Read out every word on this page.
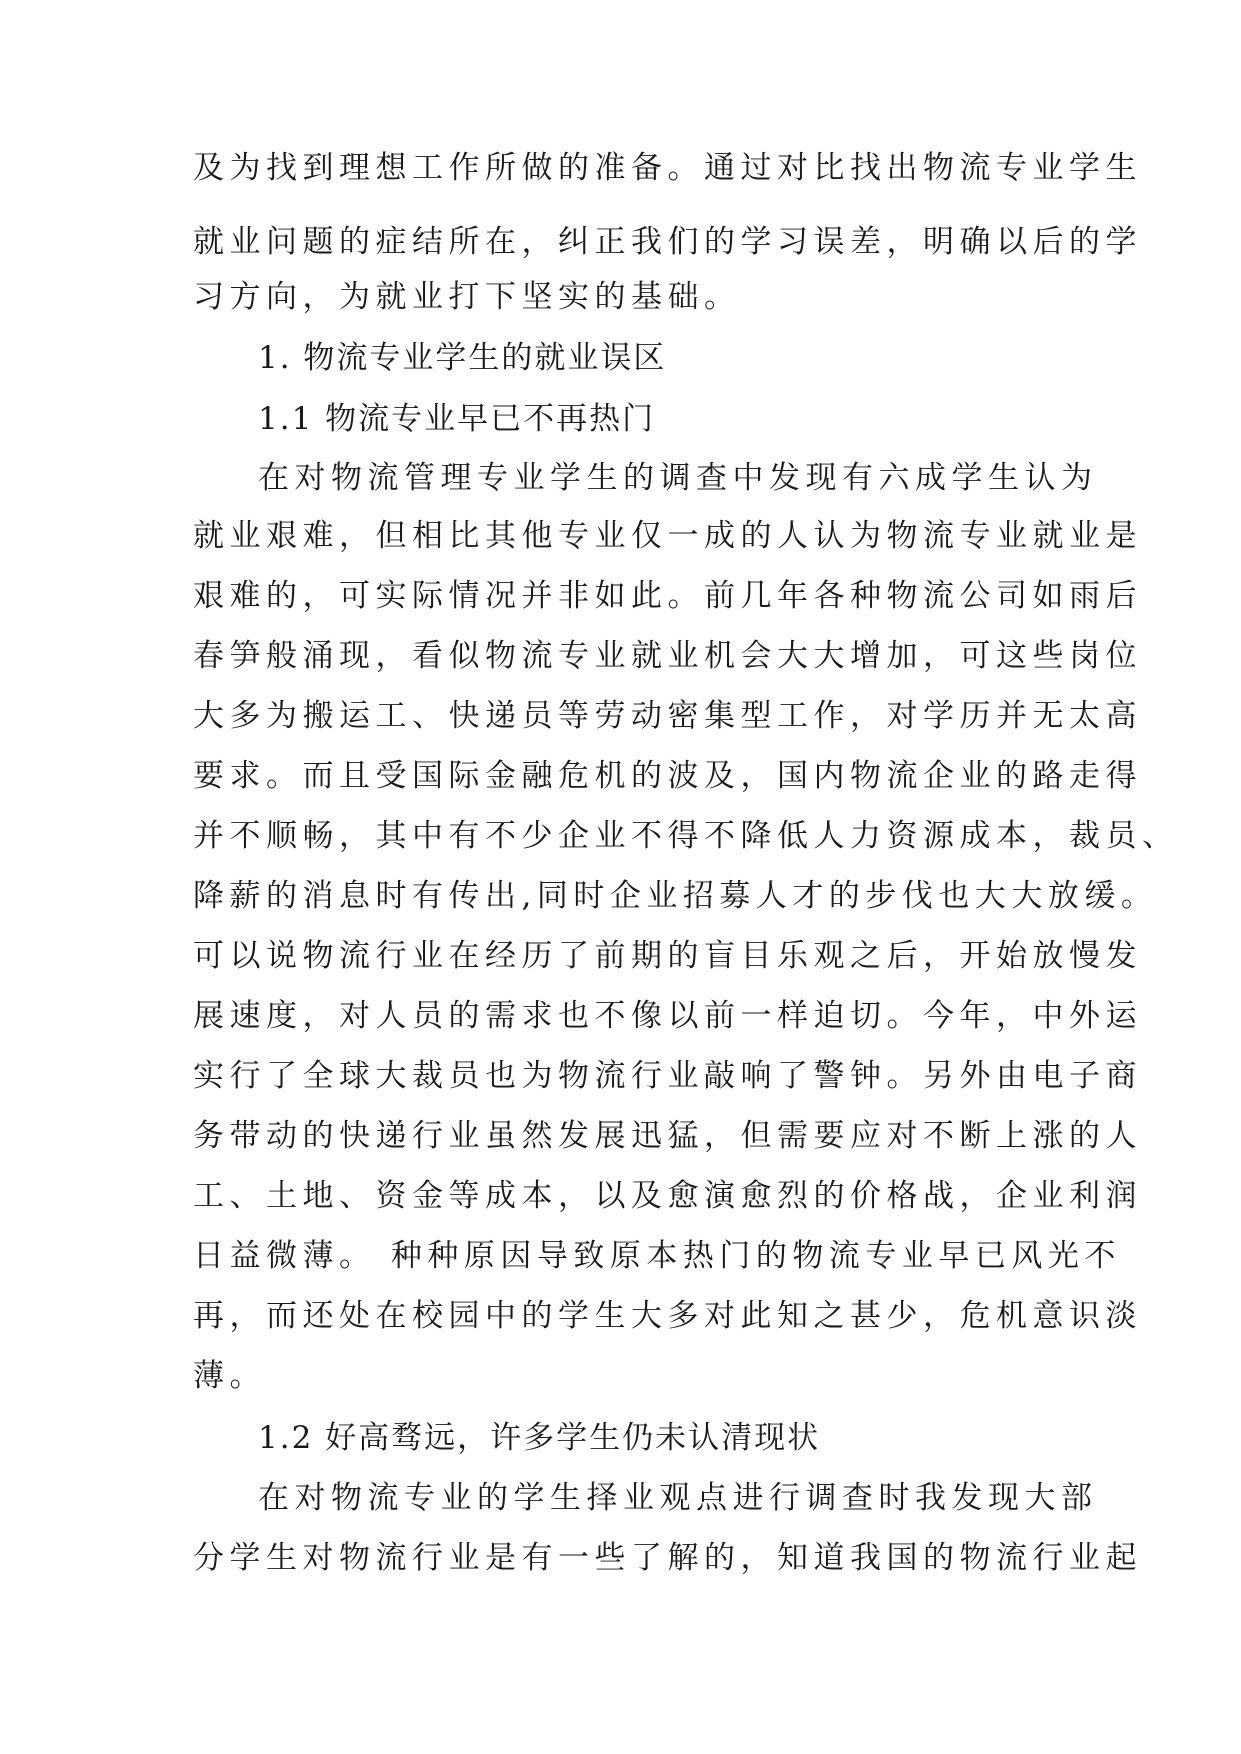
及为找到理想工作所做的准备。通过对比找出物流专业学生
就业问题的症结所在，纠正我们的学习误差，明确以后的学
习方向，为就业打下坚实的基础。
1. 物流专业学生的就业误区
1.1 物流专业早已不再热门
在对物流管理专业学生的调查中发现有六成学生认为
就业艰难，但相比其他专业仅一成的人认为物流专业就业是
艰难的，可实际情况并非如此。前几年各种物流公司如雨后
春笋般涌现，看似物流专业就业机会大大增加，可这些岗位
大多为搬运工、快递员等劳动密集型工作，对学历并无太高
要求。而且受国际金融危机的波及，国内物流企业的路走得
并不顺畅，其中有不少企业不得不降低人力资源成本，裁员、
降薪的消息时有传出,同时企业招募人才的步伐也大大放缓。
可以说物流行业在经历了前期的盲目乐观之后，开始放慢发
展速度，对人员的需求也不像以前一样迫切。今年，中外运
实行了全球大裁员也为物流行业敲响了警钟。另外由电子商
务带动的快递行业虽然发展迅猛，但需要应对不断上涨的人
工、土地、资金等成本，以及愈演愈烈的价格战，企业利润
日益微薄。 种种原因导致原本热门的物流专业早已风光不
再，而还处在校园中的学生大多对此知之甚少，危机意识淡
薄。
1.2 好高骛远，许多学生仍未认清现状
在对物流专业的学生择业观点进行调查时我发现大部
分学生对物流行业是有一些了解的，知道我国的物流行业起
